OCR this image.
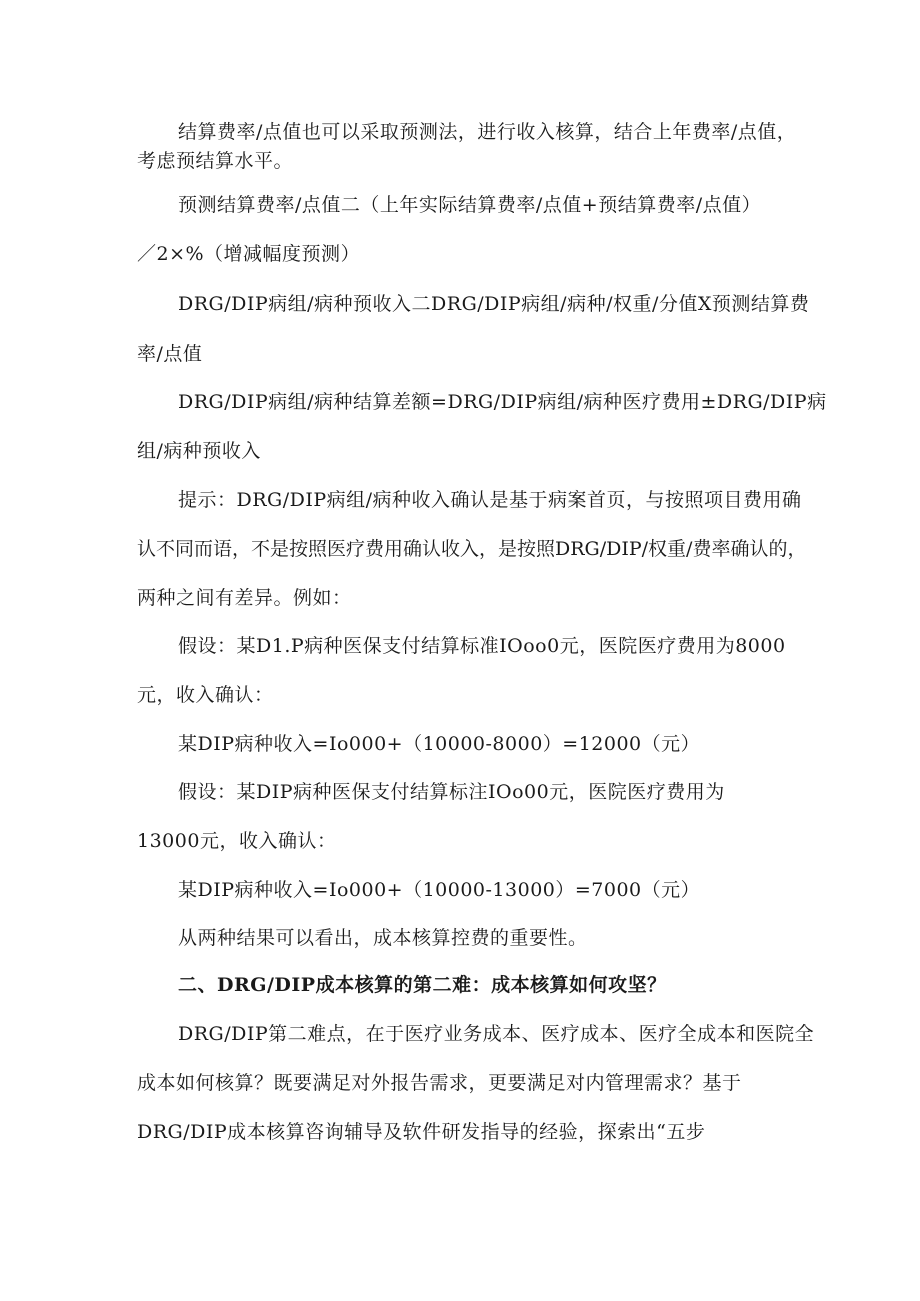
结算费率/点值也可以采取预测法，进行收入核算，结合上年费率/点值，
考虑预结算水平。
预测结算费率/点值二（上年实际结算费率/点值+预结算费率/点值）
／2×%（增减幅度预测）
DRG/DIP病组/病种预收入二DRG/DIP病组/病种/权重/分值X预测结算费
率/点值
DRG/DIP病组/病种结算差额=DRG/DIP病组/病种医疗费用±DRG/DIP病
组/病种预收入
提示：DRG/DIP病组/病种收入确认是基于病案首页，与按照项目费用确
认不同而语，不是按照医疗费用确认收入，是按照DRG/DIP/权重/费率确认的，
两种之间有差异。例如：
假设：某D1.P病种医保支付结算标准IOoo0元，医院医疗费用为8000
元，收入确认：
某DIP病种收入=Io000+（10000-8000）=12000（元）
假设：某DIP病种医保支付结算标注IOo00元，医院医疗费用为
13000元，收入确认：
某DIP病种收入=Io000+（10000-13000）=7000（元）
从两种结果可以看出，成本核算控费的重要性。
二、DRG/DIP成本核算的第二难：成本核算如何攻坚？
DRG/DIP第二难点，在于医疗业务成本、医疗成本、医疗全成本和医院全
成本如何核算？既要满足对外报告需求，更要满足对内管理需求？基于
DRG/DIP成本核算咨询辅导及软件研发指导的经验，探索出“五步
